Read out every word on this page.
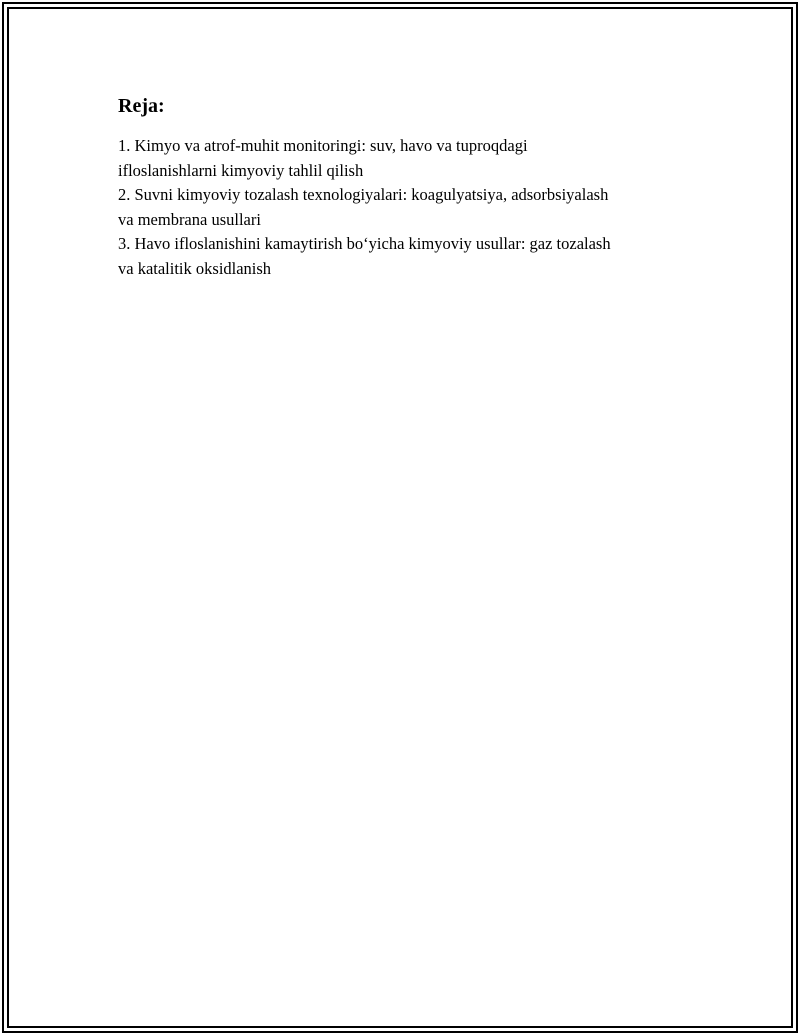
Reja:

1. Kimyo va atrof-muhit monitoringi: suv, havo va tuproqdagi
ifloslanishlarni kimyoviy tahlil qilish

2. Suvni kimyoviy tozalash texnologiyalari: koagulyatsiya, adsorbsiyalash
va membrana usullari

3. Havo ifloslanishini kamaytirish bo‘yicha kimyoviy usullar: gaz tozalash
va katalitik oksidlanish
